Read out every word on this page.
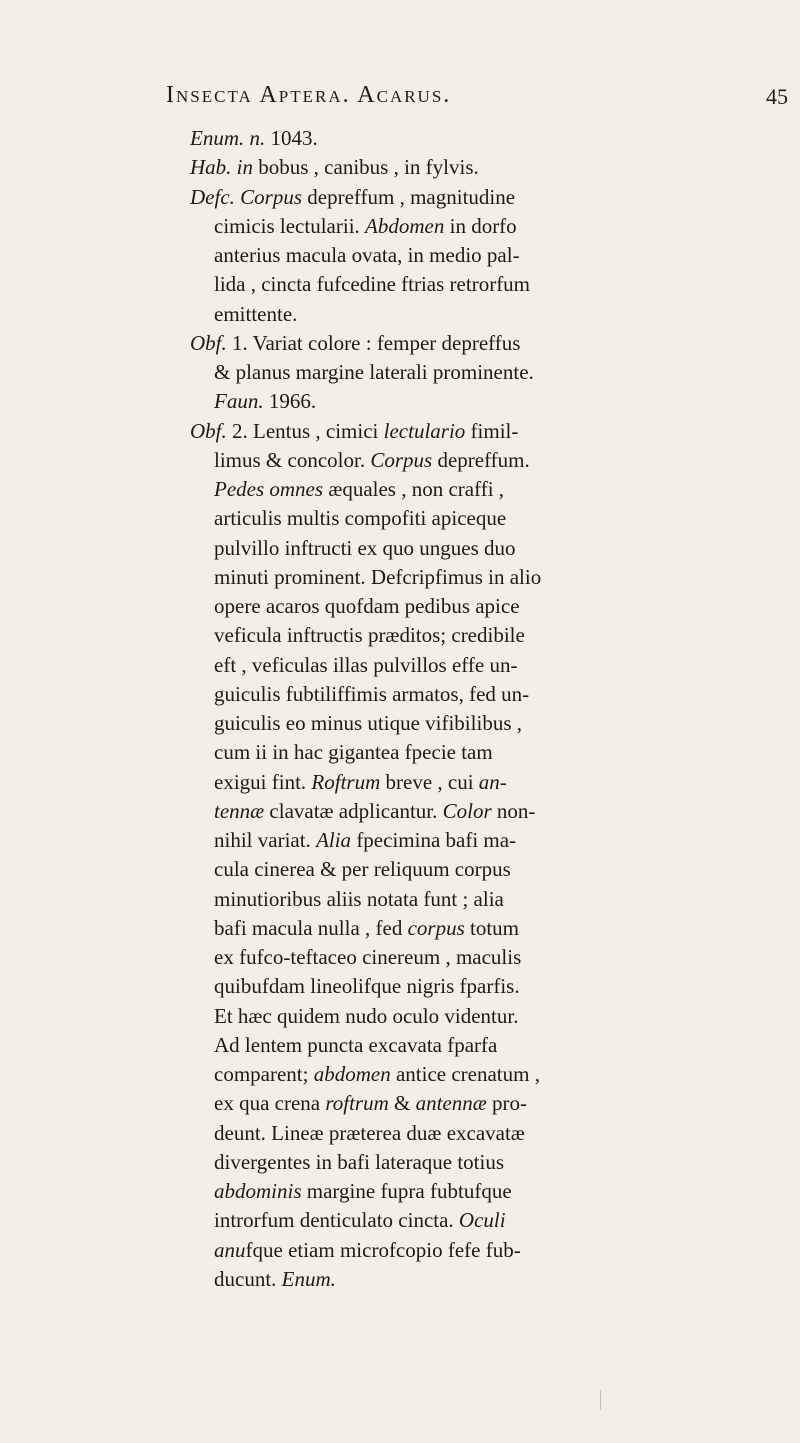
Insecta Aptera. Acarus.	45
Enum. n. 1043.
Hab. in bobus , canibus , in fylvis.
Defc. Corpus depreffum , magnitudine
cimicis lectularii. Abdomen in dorfo
anterius macula ovata, in medio pal-
lida , cincta fufcedine ftrias retrorfum
emittente.
Obf. 1. Variat colore : femper depreffus
& planus margine laterali prominente.
Faun. 1966.
Obf. 2. Lentus , cimici lectulario fimil-
limus & concolor. Corpus depreffum.
Pedes omnes æquales , non craffi ,
articulis multis compofiti apiceque
pulvillo inftructi ex quo ungues duo
minuti prominent. Defcripfimus in alio
opere acaros quofdam pedibus apice
veficula inftructis præditos; credibile
eft , veficulas illas pulvillos effe un-
guiculis fubtiliffimis armatos, fed un-
guiculis eo minus utique vifibilibus ,
cum ii in hac gigantea fpecie tam
exigui fint. Roftrum breve , cui an-
tennæ clavatæ adplicantur. Color non-
nihil variat. Alia fpecimina bafi ma-
cula cinerea & per reliquum corpus
minutioribus aliis notata funt ; alia
bafi macula nulla , fed corpus totum
ex fufco-teftaceo cinereum , maculis
quibufdam lineolifque nigris fparfis.
Et hæc quidem nudo oculo videntur.
Ad lentem puncta excavata fparfa
comparent; abdomen antice crenatum ,
ex qua crena roftrum & antennæ pro-
deunt. Lineæ præterea duæ excavatæ
divergentes in bafi lateraque totius
abdominis margine fupra fubtufque
introrfum denticulato cincta. Oculi
anufque etiam microfcopio fefe fub-
ducunt. Enum.
